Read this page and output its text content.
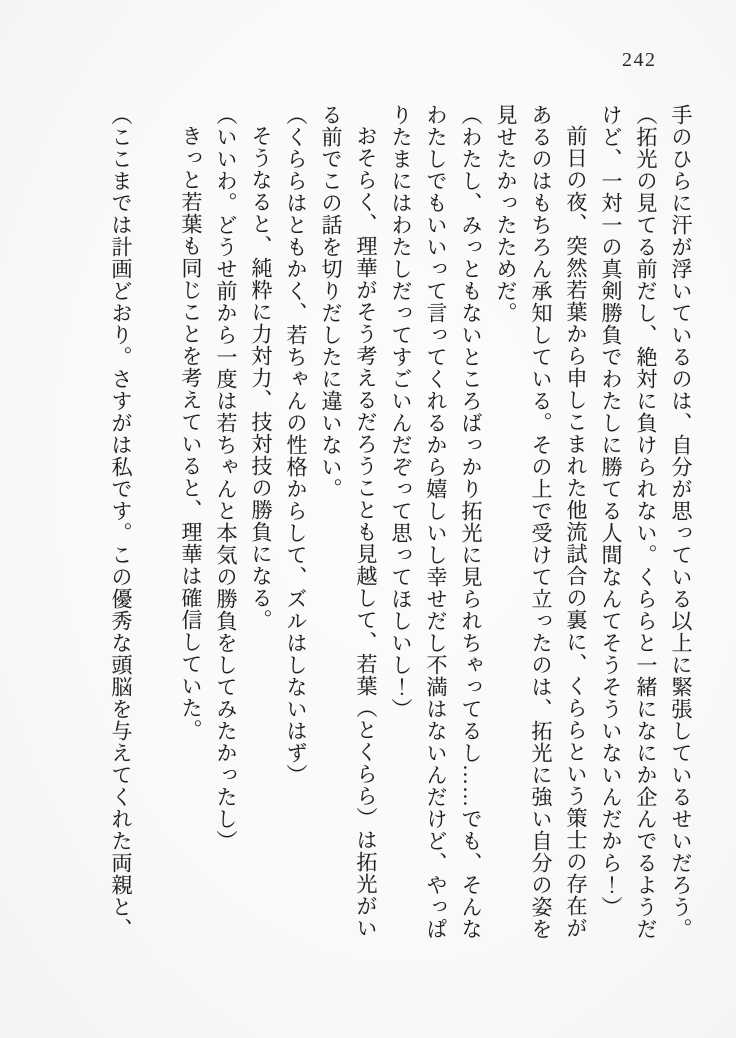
242

手のひらに汗が浮いているのは、自分が思っている以上に緊張しているせいだろう。

（拓光の見てる前だし、絶対に負けられない。くららと一緒になにか企んでるようだけど、一対一の真剣勝負でわたしに勝てる人間なんてそうそういないんだから！）

前日の夜、突然若葉から申しこまれた他流試合の裏に、くららという策士の存在があるのはもちろん承知している。その上で受けて立ったのは、拓光に強い自分の姿を見せたかったためだ。

（わたし、みっともないところばっかり拓光に見られちゃってるし……でも、そんなわたしでもいいって言ってくれるから嬉しいし幸せだし不満はないんだけど、やっぱりたまにはわたしだってすごいんだぞって思ってほしいし！）

おそらく、理華がそう考えるだろうことも見越して、若葉（とくらら）は拓光がいる前でこの話を切りだしたに違いない。

（くららはともかく、若ちゃんの性格からして、ズルはしないはず）

そうなると、純粋に力対力、技対技の勝負になる。

（いいわ。どうせ前から一度は若ちゃんと本気の勝負をしてみたかったし）

きっと若葉も同じことを考えていると、理華は確信していた。

（ここまでは計画どおり。さすがは私です。この優秀な頭脳を与えてくれた両親と、
